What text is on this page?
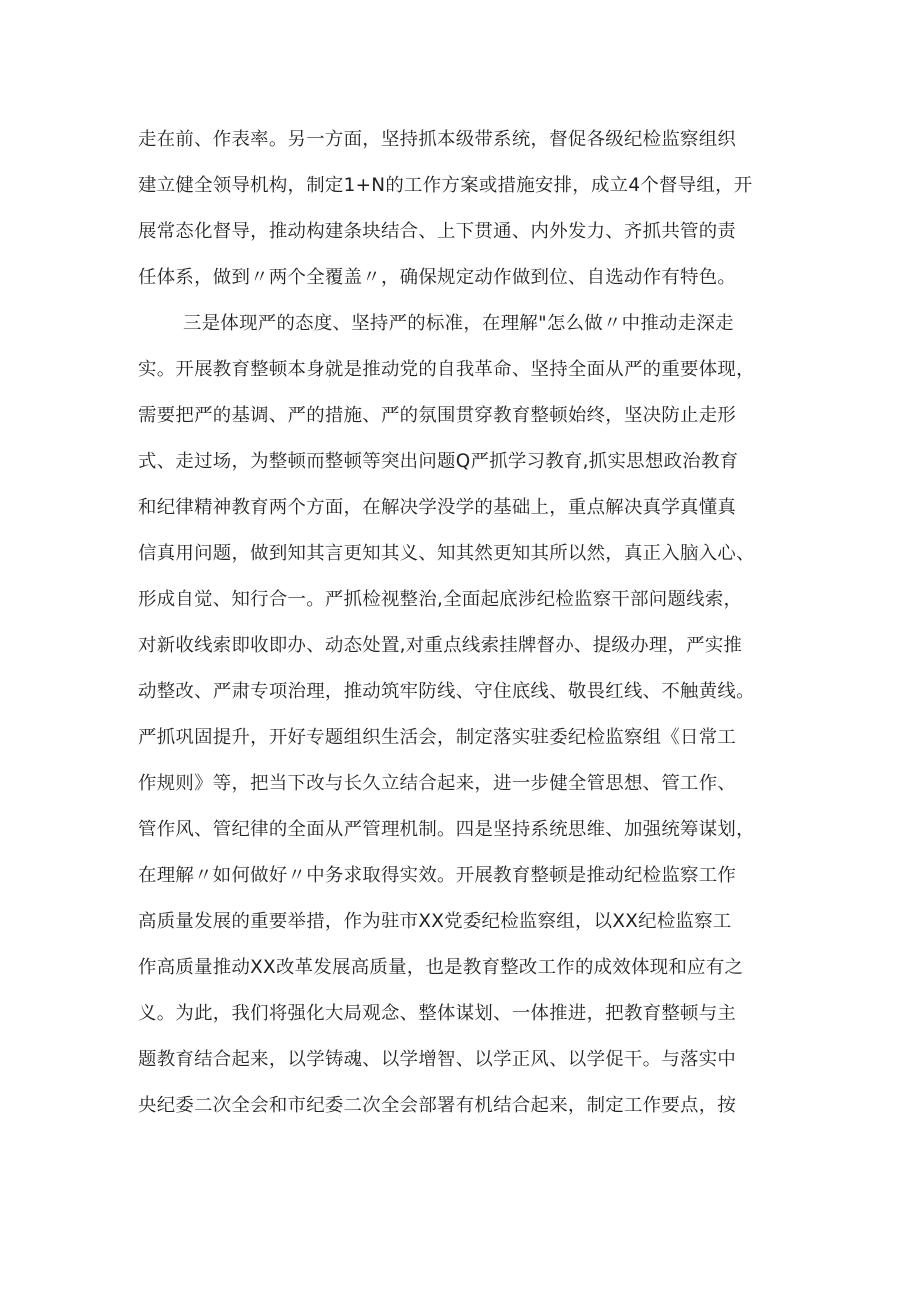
走在前、作表率。另一方面，坚持抓本级带系统，督促各级纪检监察组织
建立健全领导机构，制定1+N的工作方案或措施安排，成立4个督导组，开
展常态化督导，推动构建条块结合、上下贯通、内外发力、齐抓共管的责
任体系，做到〃两个全覆盖〃，确保规定动作做到位、自选动作有特色。
三是体现严的态度、坚持严的标准，在理解"怎么做〃中推动走深走
实。开展教育整顿本身就是推动党的自我革命、坚持全面从严的重要体现，
需要把严的基调、严的措施、严的氛围贯穿教育整顿始终，坚决防止走形
式、走过场，为整顿而整顿等突出问题Q严抓学习教育,抓实思想政治教育
和纪律精神教育两个方面，在解决学没学的基础上，重点解决真学真懂真
信真用问题，做到知其言更知其义、知其然更知其所以然，真正入脑入心、
形成自觉、知行合一。严抓检视整治,全面起底涉纪检监察干部问题线索，
对新收线索即收即办、动态处置,对重点线索挂牌督办、提级办理，严实推
动整改、严肃专项治理，推动筑牢防线、守住底线、敬畏红线、不触黄线。
严抓巩固提升，开好专题组织生活会，制定落实驻委纪检监察组《日常工
作规则》等，把当下改与长久立结合起来，进一步健全管思想、管工作、
管作风、管纪律的全面从严管理机制。四是坚持系统思维、加强统筹谋划，
在理解〃如何做好〃中务求取得实效。开展教育整顿是推动纪检监察工作
高质量发展的重要举措，作为驻市XX党委纪检监察组，以XX纪检监察工
作高质量推动XX改革发展高质量，也是教育整改工作的成效体现和应有之
义。为此，我们将强化大局观念、整体谋划、一体推进，把教育整顿与主
题教育结合起来，以学铸魂、以学增智、以学正风、以学促干。与落实中
央纪委二次全会和市纪委二次全会部署有机结合起来，制定工作要点，按
